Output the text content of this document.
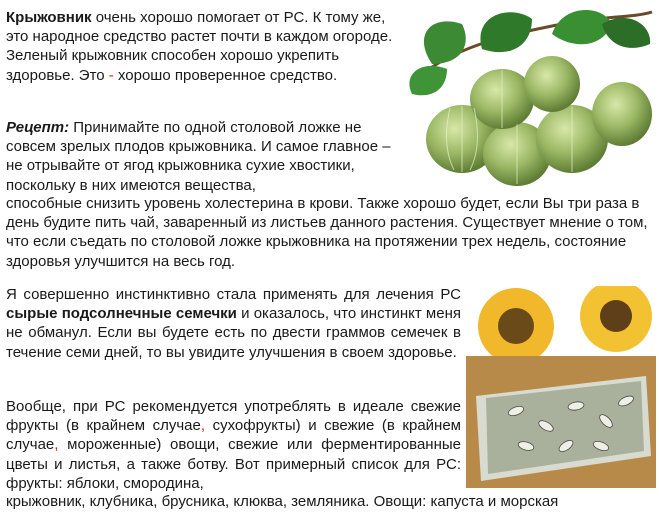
Крыжовник очень хорошо помогает от РС. К тому же, это народное средство растет почти в каждом огороде. Зеленый крыжовник способен хорошо укрепить здоровье. Это - хорошо проверенное средство.
Рецепт: Принимайте по одной столовой ложке не совсем зрелых плодов крыжовника. И самое главное – не отрывайте от ягод крыжовника сухие хвостики, поскольку в них имеются вещества,
способные снизить уровень холестерина в крови. Также хорошо будет, если Вы три раза в день будите пить чай, заваренный из листьев данного растения. Существует мнение о том, что если съедать по столовой ложке крыжовника на протяжении трех недель, состояние здоровья улучшится на весь год.
Я совершенно инстинктивно стала применять для лечения РС сырые подсолнечные семечки и оказалось, что инстинкт меня не обманул. Если вы будете есть по двести граммов семечек в течение семи дней, то вы увидите улучшения в своем здоровье.
Вообще, при РС рекомендуется употреблять в идеале свежие фрукты (в крайнем случае, сухофрукты) и свежие (в крайнем случае, мороженные) овощи, свежие или ферментированные цветы и листья, а также ботву. Вот примерный список для РС: фрукты: яблоки, смородина,
крыжовник, клубника, брусника, клюква, земляника. Овощи: капуста и морская
